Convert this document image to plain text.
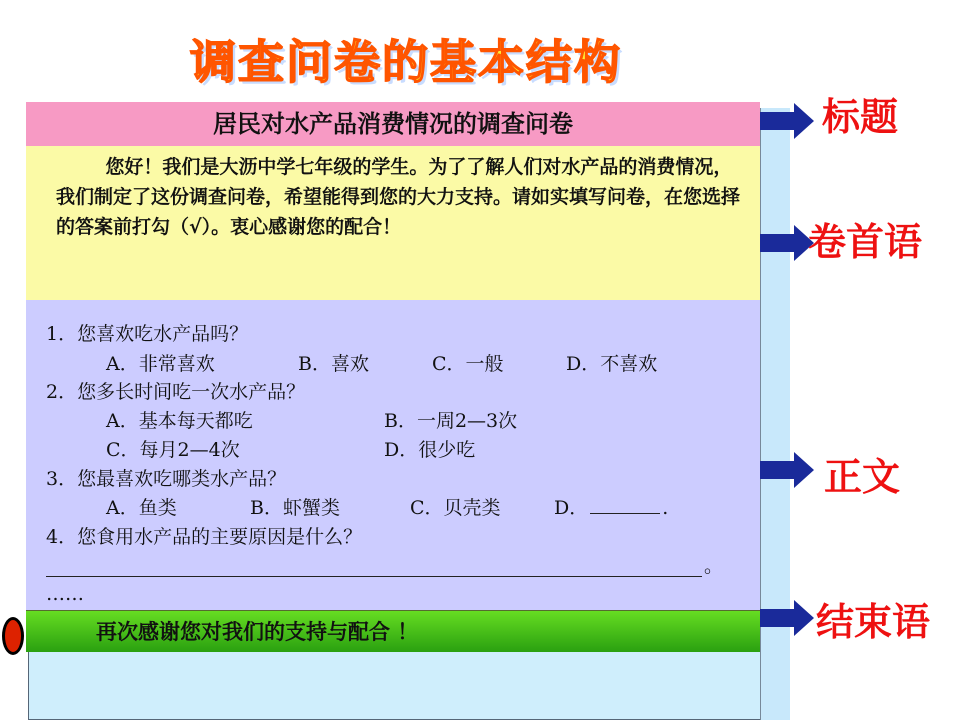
调查问卷的基本结构
居民对水产品消费情况的调查问卷

您好！我们是大沥中学七年级的学生。为了了解人们对水产品的消费情况，我们制定了这份调查问卷，希望能得到您的大力支持。请如实填写问卷，在您选择的答案前打勾（√）。衷心感谢您的配合！

1．您喜欢吃水产品吗？
A．非常喜欢	B．喜欢	C．一般	D．不喜欢
2．您多长时间吃一次水产品？
A．基本每天都吃	B．一周2—3次
C．每月2—4次	D．很少吃
3．您最喜欢吃哪类水产品？
A．鱼类	B．虾蟹类	C．贝壳类	D．	.
4．您食用水产品的主要原因是什么？
。
……
再次感谢您对我们的支持与配合 ！
标题
卷首语
正文
结束语
